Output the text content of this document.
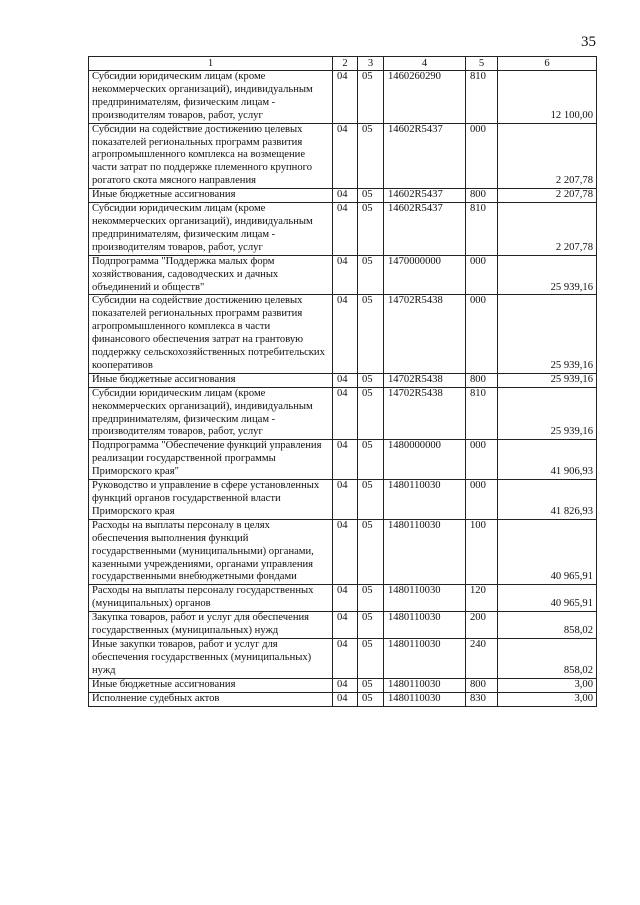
35
1	2	3	4	5	6
Субсидии юридическим лицам (кроме некоммерческих организаций), индивидуальным предпринимателям, физическим лицам - производителям товаров, работ, услуг	04	05	1460260290	810	12 100,00
Субсидии на содействие достижению целевых показателей региональных программ развития агропромышленного комплекса на возмещение части затрат по поддержке племенного крупного рогатого скота мясного направления	04	05	14602R5437	000	2 207,78
Иные бюджетные ассигнования	04	05	14602R5437	800	2 207,78
Субсидии юридическим лицам (кроме некоммерческих организаций), индивидуальным предпринимателям, физическим лицам - производителям товаров, работ, услуг	04	05	14602R5437	810	2 207,78
Подпрограмма "Поддержка малых форм хозяйствования, садоводческих и дачных объединений и обществ"	04	05	1470000000	000	25 939,16
Субсидии на содействие достижению целевых показателей региональных программ развития агропромышленного комплекса в части финансового обеспечения затрат на грантовую поддержку сельскохозяйственных потребительских кооперативов	04	05	14702R5438	000	25 939,16
Иные бюджетные ассигнования	04	05	14702R5438	800	25 939,16
Субсидии юридическим лицам (кроме некоммерческих организаций), индивидуальным предпринимателям, физическим лицам - производителям товаров, работ, услуг	04	05	14702R5438	810	25 939,16
Подпрограмма "Обеспечение функций управления реализации государственной программы Приморского края"	04	05	1480000000	000	41 906,93
Руководство и управление в сфере установленных функций органов государственной власти Приморского края	04	05	1480110030	000	41 826,93
Расходы на выплаты персоналу в целях обеспечения выполнения функций государственными (муниципальными) органами, казенными учреждениями, органами управления государственными внебюджетными фондами	04	05	1480110030	100	40 965,91
Расходы на выплаты персоналу государственных (муниципальных) органов	04	05	1480110030	120	40 965,91
Закупка товаров, работ и услуг для обеспечения государственных (муниципальных) нужд	04	05	1480110030	200	858,02
Иные закупки товаров, работ и услуг для обеспечения государственных (муниципальных) нужд	04	05	1480110030	240	858,02
Иные бюджетные ассигнования	04	05	1480110030	800	3,00
Исполнение судебных актов	04	05	1480110030	830	3,00
